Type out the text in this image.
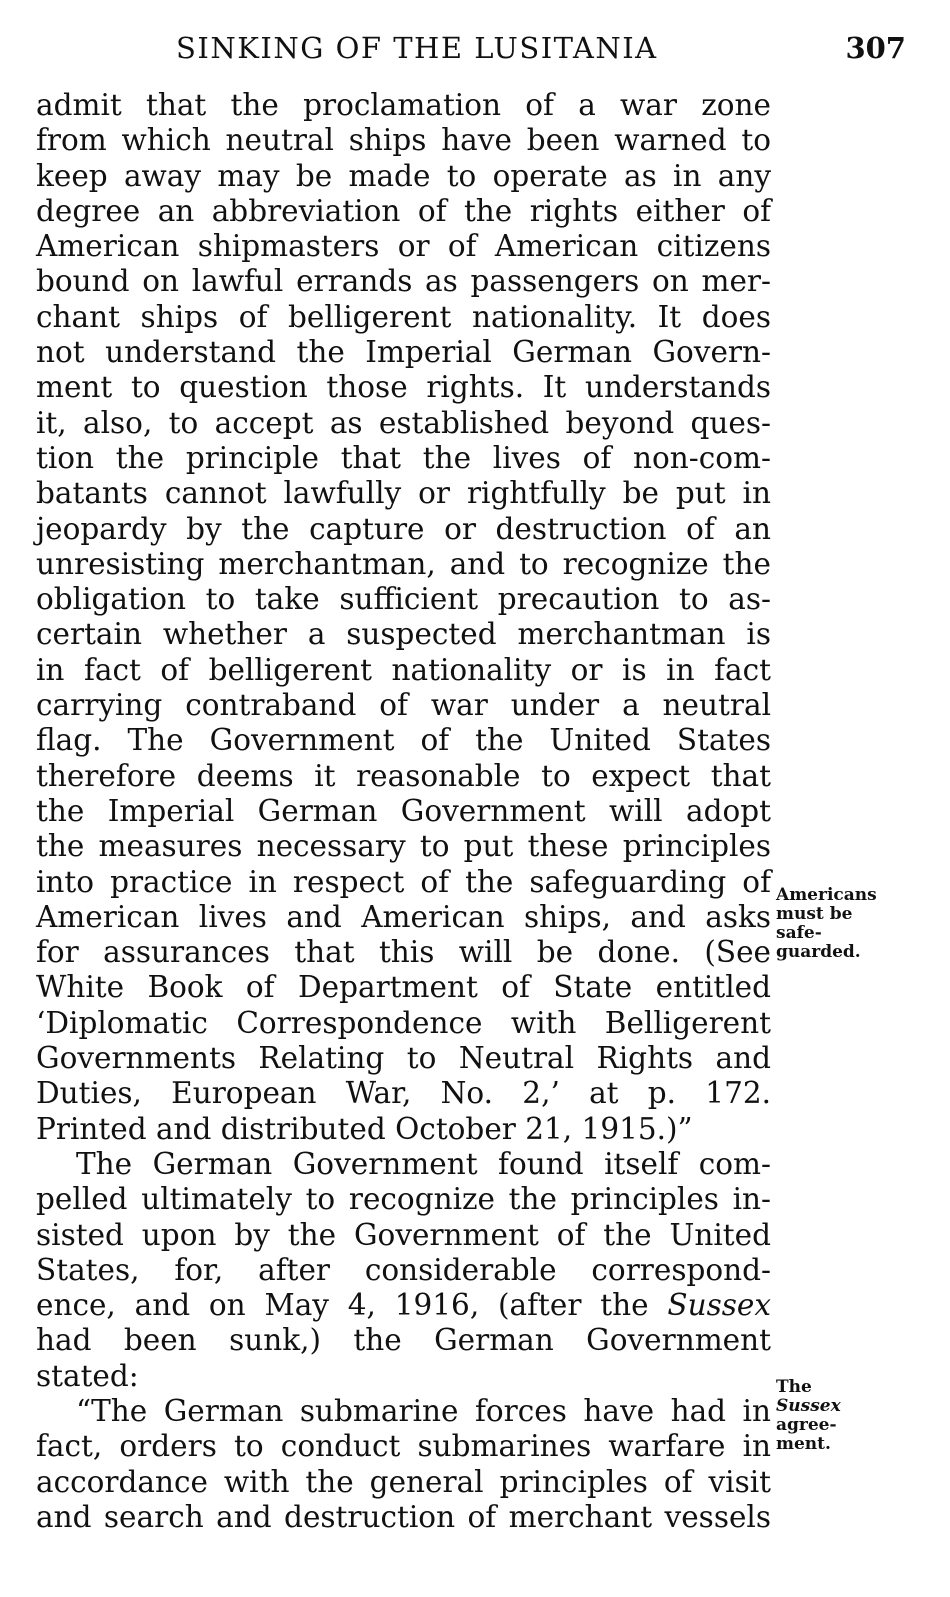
SINKING OF THE LUSITANIA	307
admit that the proclamation of a war zone
from which neutral ships have been warned to
keep away may be made to operate as in any
degree an abbreviation of the rights either of
American shipmasters or of American citizens
bound on lawful errands as passengers on mer-
chant ships of belligerent nationality. It does
not understand the Imperial German Govern-
ment to question those rights. It understands
it, also, to accept as established beyond ques-
tion the principle that the lives of non-com-
batants cannot lawfully or rightfully be put in
jeopardy by the capture or destruction of an
unresisting merchantman, and to recognize the
obligation to take sufficient precaution to as-
certain whether a suspected merchantman is
in fact of belligerent nationality or is in fact
carrying contraband of war under a neutral
flag. The Government of the United States
therefore deems it reasonable to expect that
the Imperial German Government will adopt
the measures necessary to put these principles
into practice in respect of the safeguarding of
American lives and American ships, and asks
for assurances that this will be done. (See
White Book of Department of State entitled
‘Diplomatic Correspondence with Belligerent
Governments Relating to Neutral Rights and
Duties, European War, No. 2,’ at p. 172.
Printed and distributed October 21, 1915.)”
The German Government found itself com-
pelled ultimately to recognize the principles in-
sisted upon by the Government of the United
States, for, after considerable correspond-
ence, and on May 4, 1916, (after the Sussex
had been sunk,) the German Government
stated:
“The German submarine forces have had in
fact, orders to conduct submarines warfare in
accordance with the general principles of visit
and search and destruction of merchant vessels
Americans
must be
safe-
guarded.
The
Sussex
agree-
ment.
